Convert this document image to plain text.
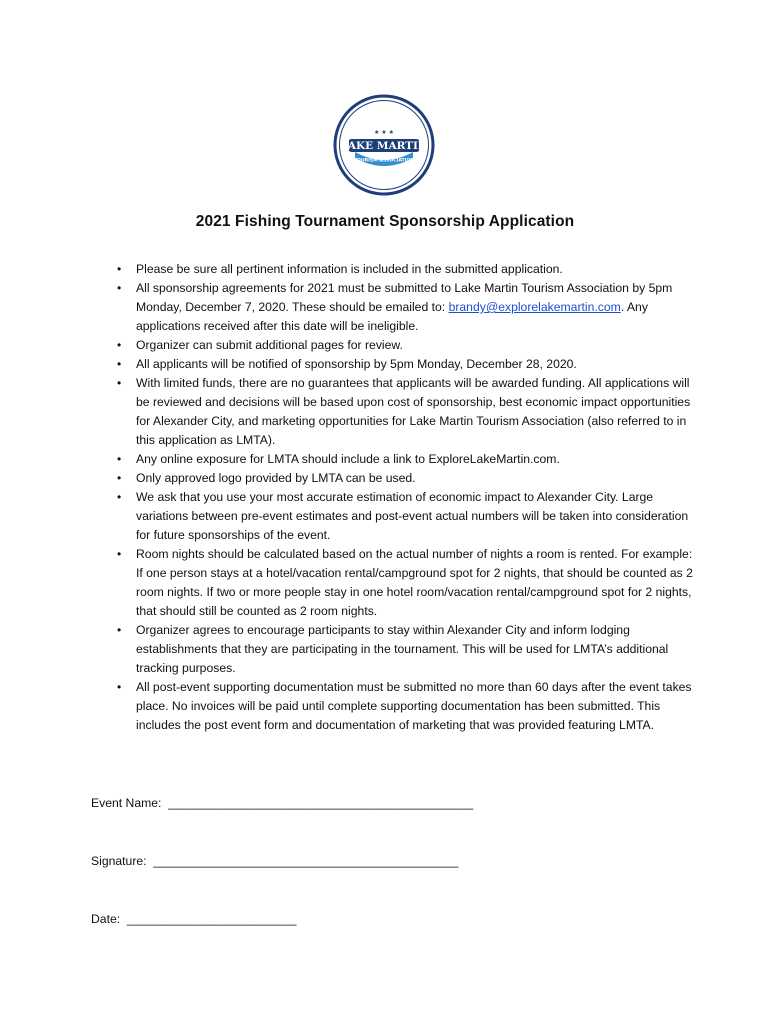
★ ★ ★
LAKE MARTIN
TOURISM ASSOCIATION
2021 Fishing Tournament Sponsorship Application
• Please be sure all pertinent information is included in the submitted application.
• All sponsorship agreements for 2021 must be submitted to Lake Martin Tourism Association by 5pm Monday, December 7, 2020. These should be emailed to: brandy@explorelakemartin.com. Any applications received after this date will be ineligible.
• Organizer can submit additional pages for review.
• All applicants will be notified of sponsorship by 5pm Monday, December 28, 2020.
• With limited funds, there are no guarantees that applicants will be awarded funding. All applications will be reviewed and decisions will be based upon cost of sponsorship, best economic impact opportunities for Alexander City, and marketing opportunities for Lake Martin Tourism Association (also referred to in this application as LMTA).
• Any online exposure for LMTA should include a link to ExploreLakeMartin.com.
• Only approved logo provided by LMTA can be used.
• We ask that you use your most accurate estimation of economic impact to Alexander City. Large variations between pre-event estimates and post-event actual numbers will be taken into consideration for future sponsorships of the event.
• Room nights should be calculated based on the actual number of nights a room is rented. For example: If one person stays at a hotel/vacation rental/campground spot for 2 nights, that should be counted as 2 room nights. If two or more people stay in one hotel room/vacation rental/campground spot for 2 nights, that should still be counted as 2 room nights.
• Organizer agrees to encourage participants to stay within Alexander City and inform lodging establishments that they are participating in the tournament. This will be used for LMTA’s additional tracking purposes.
• All post-event supporting documentation must be submitted no more than 60 days after the event takes place. No invoices will be paid until complete supporting documentation has been submitted. This includes the post event form and documentation of marketing that was provided featuring LMTA.
Event Name: _____________________________________________
Signature: _____________________________________________
Date: _________________________
